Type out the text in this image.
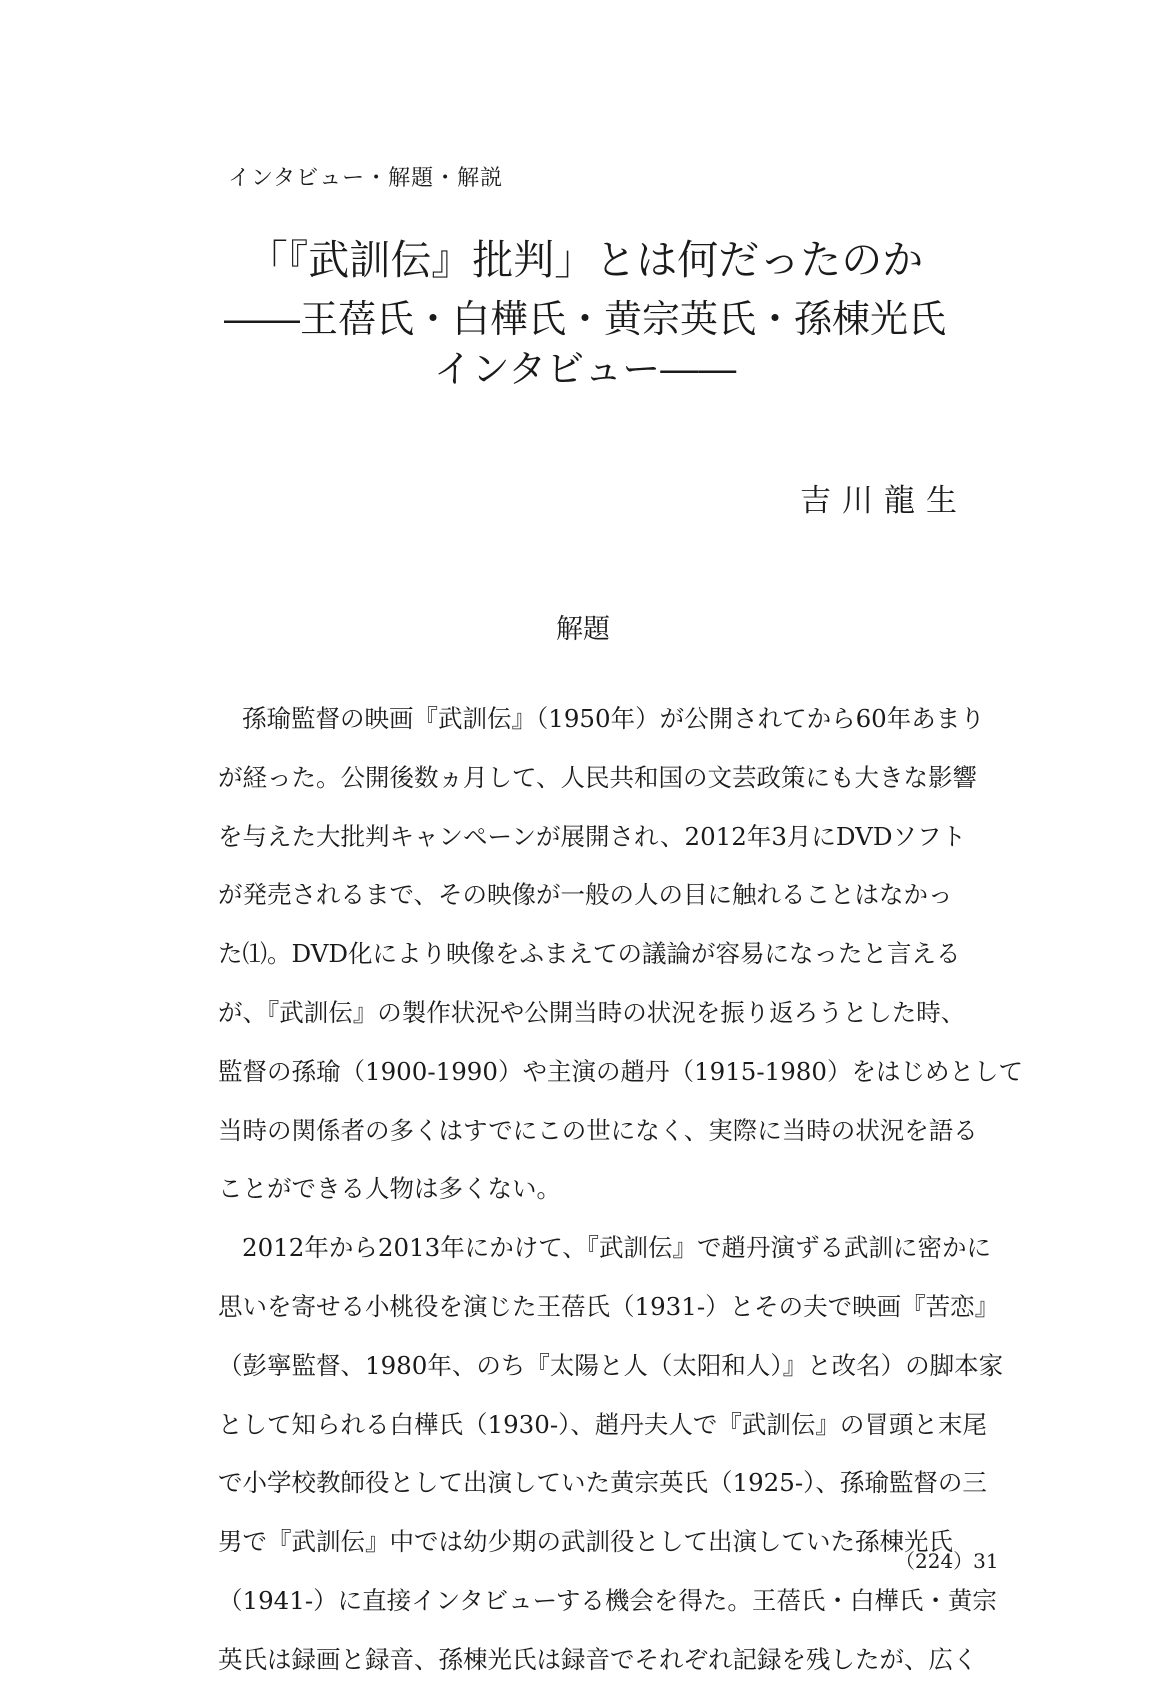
インタビュー・解題・解説
「『武訓伝』批判」とは何だったのか
――王蓓氏・白樺氏・黄宗英氏・孫棟光氏
インタビュー――
吉川龍生
解題
孫瑜監督の映画『武訓伝』（1950年）が公開されてから60年あまり
が経った。公開後数ヵ月して、人民共和国の文芸政策にも大きな影響
を与えた大批判キャンペーンが展開され、2012年3月にDVDソフト
が発売されるまで、その映像が一般の人の目に触れることはなかっ
た⑴。DVD化により映像をふまえての議論が容易になったと言える
が、『武訓伝』の製作状況や公開当時の状況を振り返ろうとした時、
監督の孫瑜（1900-1990）や主演の趙丹（1915-1980）をはじめとして
当時の関係者の多くはすでにこの世になく、実際に当時の状況を語る
ことができる人物は多くない。
2012年から2013年にかけて、『武訓伝』で趙丹演ずる武訓に密かに
思いを寄せる小桃役を演じた王蓓氏（1931-）とその夫で映画『苦恋』
（彭寧監督、1980年、のち『太陽と人（太阳和人）』と改名）の脚本家
として知られる白樺氏（1930-）、趙丹夫人で『武訓伝』の冒頭と末尾
で小学校教師役として出演していた黄宗英氏（1925-）、孫瑜監督の三
男で『武訓伝』中では幼少期の武訓役として出演していた孫棟光氏
（1941-）に直接インタビューする機会を得た。王蓓氏・白樺氏・黄宗
英氏は録画と録音、孫棟光氏は録音でそれぞれ記録を残したが、広く
（224）31
